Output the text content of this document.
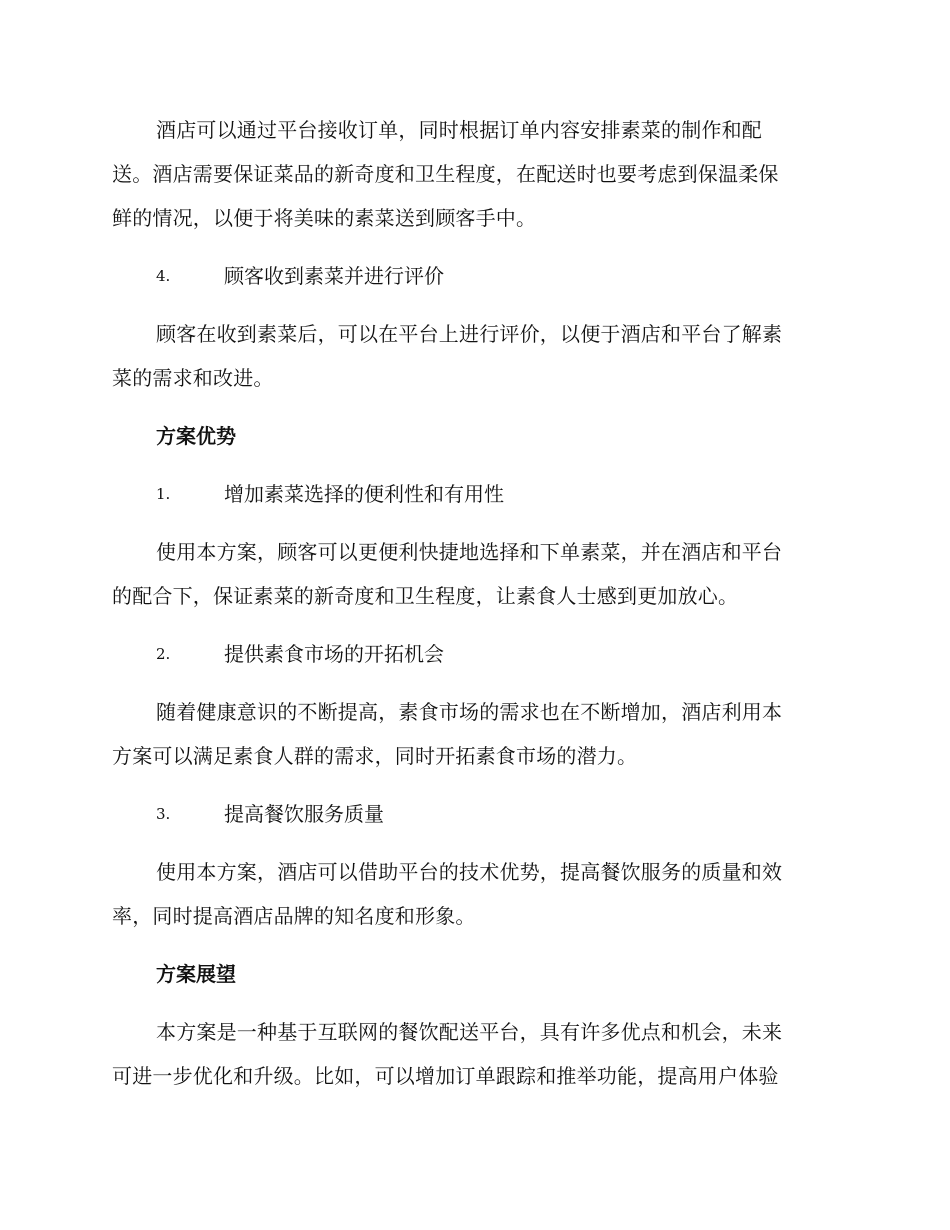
酒店可以通过平台接收订单，同时根据订单内容安排素菜的制作和配
送。酒店需要保证菜品的新奇度和卫生程度，在配送时也要考虑到保温柔保
鲜的情况，以便于将美味的素菜送到顾客手中。
4.	顾客收到素菜并进行评价
顾客在收到素菜后，可以在平台上进行评价，以便于酒店和平台了解素
菜的需求和改进。
方案优势
1.	增加素菜选择的便利性和有用性
使用本方案，顾客可以更便利快捷地选择和下单素菜，并在酒店和平台
的配合下，保证素菜的新奇度和卫生程度，让素食人士感到更加放心。
2.	提供素食市场的开拓机会
随着健康意识的不断提高，素食市场的需求也在不断增加，酒店利用本
方案可以满足素食人群的需求，同时开拓素食市场的潜力。
3.	提高餐饮服务质量
使用本方案，酒店可以借助平台的技术优势，提高餐饮服务的质量和效
率，同时提高酒店品牌的知名度和形象。
方案展望
本方案是一种基于互联网的餐饮配送平台，具有许多优点和机会，未来
可进一步优化和升级。比如，可以增加订单跟踪和推举功能，提高用户体验
